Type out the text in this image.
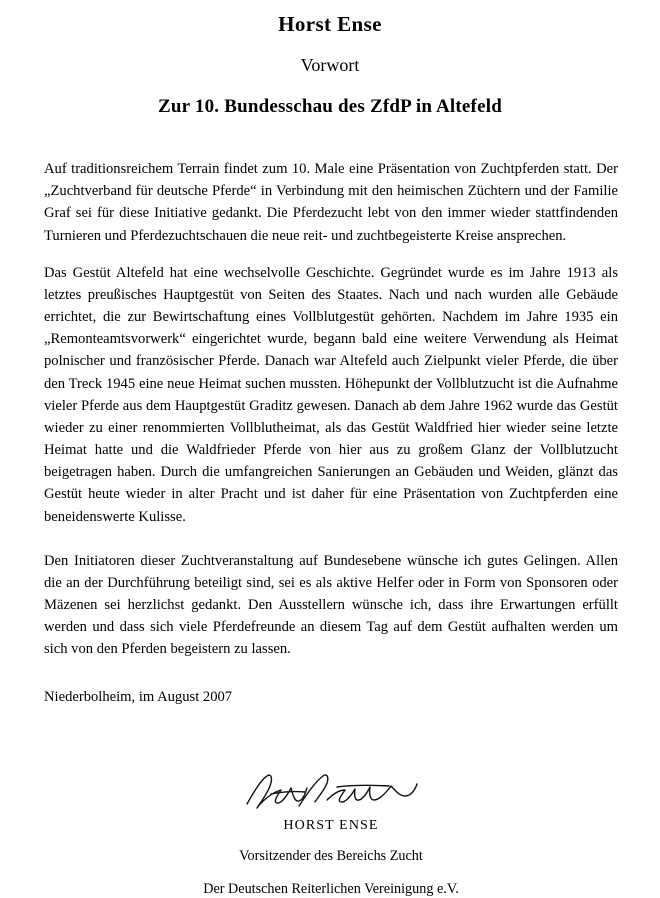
Horst Ense
Vorwort
Zur 10. Bundesschau des ZfdP in Altefeld

Auf traditionsreichem Terrain findet zum 10. Male eine Präsentation von Zuchtpferden statt. Der „Zuchtverband für deutsche Pferde“ in Verbindung mit den heimischen Züchtern und der Familie Graf sei für diese Initiative gedankt. Die Pferdezucht lebt von den immer wieder stattfindenden Turnieren und Pferdezuchtschauen die neue reit- und zuchtbegeisterte Kreise ansprechen.

Das Gestüt Altefeld hat eine wechselvolle Geschichte. Gegründet wurde es im Jahre 1913 als letztes preußisches Hauptgestüt von Seiten des Staates. Nach und nach wurden alle Gebäude errichtet, die zur Bewirtschaftung eines Vollblutgestüt gehörten. Nachdem im Jahre 1935 ein „Remonteamtsvorwerk“ eingerichtet wurde, begann bald eine weitere Verwendung als Heimat polnischer und französischer Pferde. Danach war Altefeld auch Zielpunkt vieler Pferde, die über den Treck 1945 eine neue Heimat suchen mussten. Höhepunkt der Vollblutzucht ist die Aufnahme vieler Pferde aus dem Hauptgestüt Graditz gewesen. Danach ab dem Jahre 1962 wurde das Gestüt wieder zu einer renommierten Vollblutheimat, als das Gestüt Waldfried hier wieder seine letzte Heimat hatte und die Waldfrieder Pferde von hier aus zu großem Glanz der Vollblutzucht beigetragen haben. Durch die umfangreichen Sanierungen an Gebäuden und Weiden, glänzt das Gestüt heute wieder in alter Pracht und ist daher für eine Präsentation von Zuchtpferden eine beneidenswerte Kulisse.

Den Initiatoren dieser Zuchtveranstaltung auf Bundesebene wünsche ich gutes Gelingen. Allen die an der Durchführung beteiligt sind, sei es als aktive Helfer oder in Form von Sponsoren oder Mäzenen sei herzlichst gedankt. Den Ausstellern wünsche ich, dass ihre Erwartungen erfüllt werden und dass sich viele Pferdefreunde an diesem Tag auf dem Gestüt aufhalten werden um sich von den Pferden begeistern zu lassen.

Niederbolheim, im August 2007

HORST ENSE

Vorsitzender des Bereichs Zucht

Der Deutschen Reiterlichen Vereinigung e.V.
